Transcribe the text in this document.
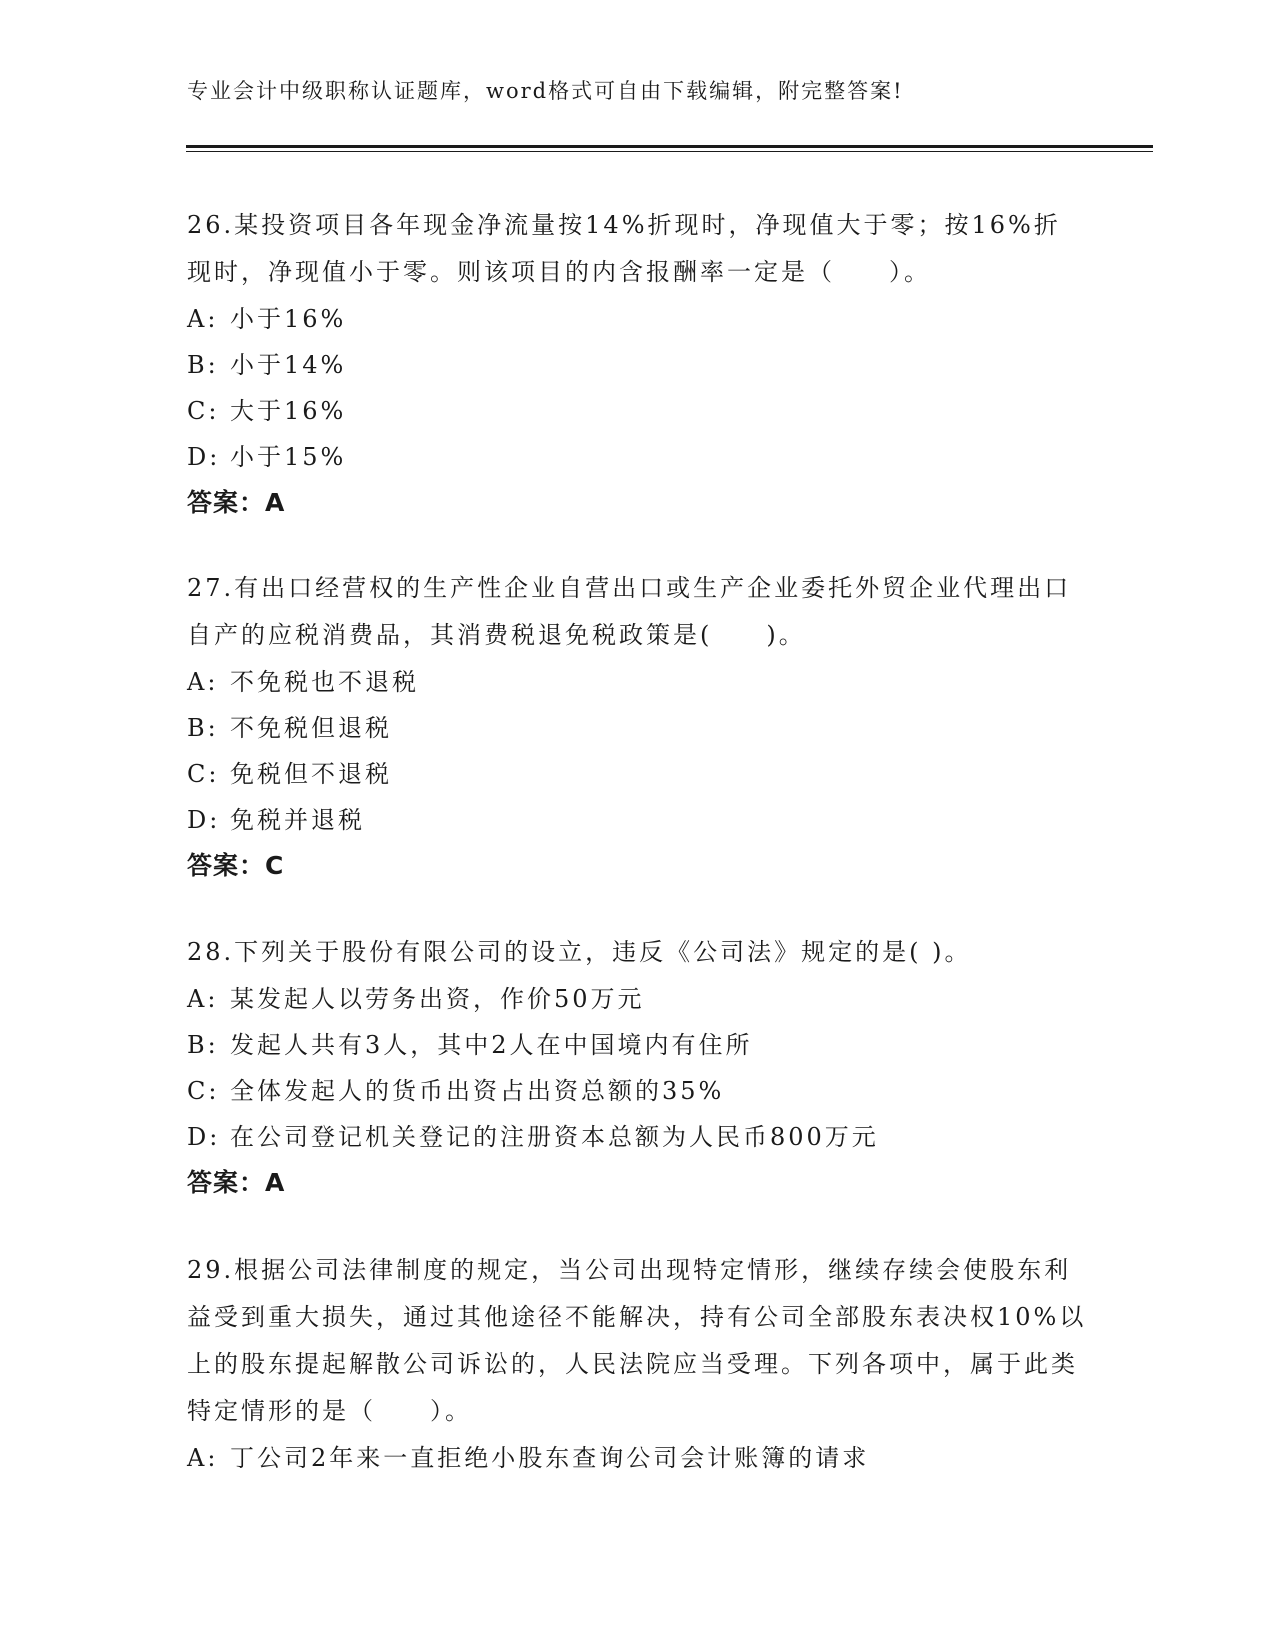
专业会计中级职称认证题库，word格式可自由下载编辑，附完整答案!

26.某投资项目各年现金净流量按14%折现时，净现值大于零；按16%折现时，净现值小于零。则该项目的内含报酬率一定是（　　）。

A: 小于16%
B: 小于14%
C: 大于16%
D: 小于15%
答案：A

27.有出口经营权的生产性企业自营出口或生产企业委托外贸企业代理出口自产的应税消费品，其消费税退免税政策是(　　)。

A: 不免税也不退税
B: 不免税但退税
C: 免税但不退税
D: 免税并退税
答案：C

28.下列关于股份有限公司的设立，违反《公司法》规定的是( )。

A: 某发起人以劳务出资，作价50万元
B: 发起人共有3人，其中2人在中国境内有住所
C: 全体发起人的货币出资占出资总额的35%
D: 在公司登记机关登记的注册资本总额为人民币800万元
答案：A

29.根据公司法律制度的规定，当公司出现特定情形，继续存续会使股东利益受到重大损失，通过其他途径不能解决，持有公司全部股东表决权10%以上的股东提起解散公司诉讼的，人民法院应当受理。下列各项中，属于此类特定情形的是（　　）。

A: 丁公司2年来一直拒绝小股东查询公司会计账簿的请求
